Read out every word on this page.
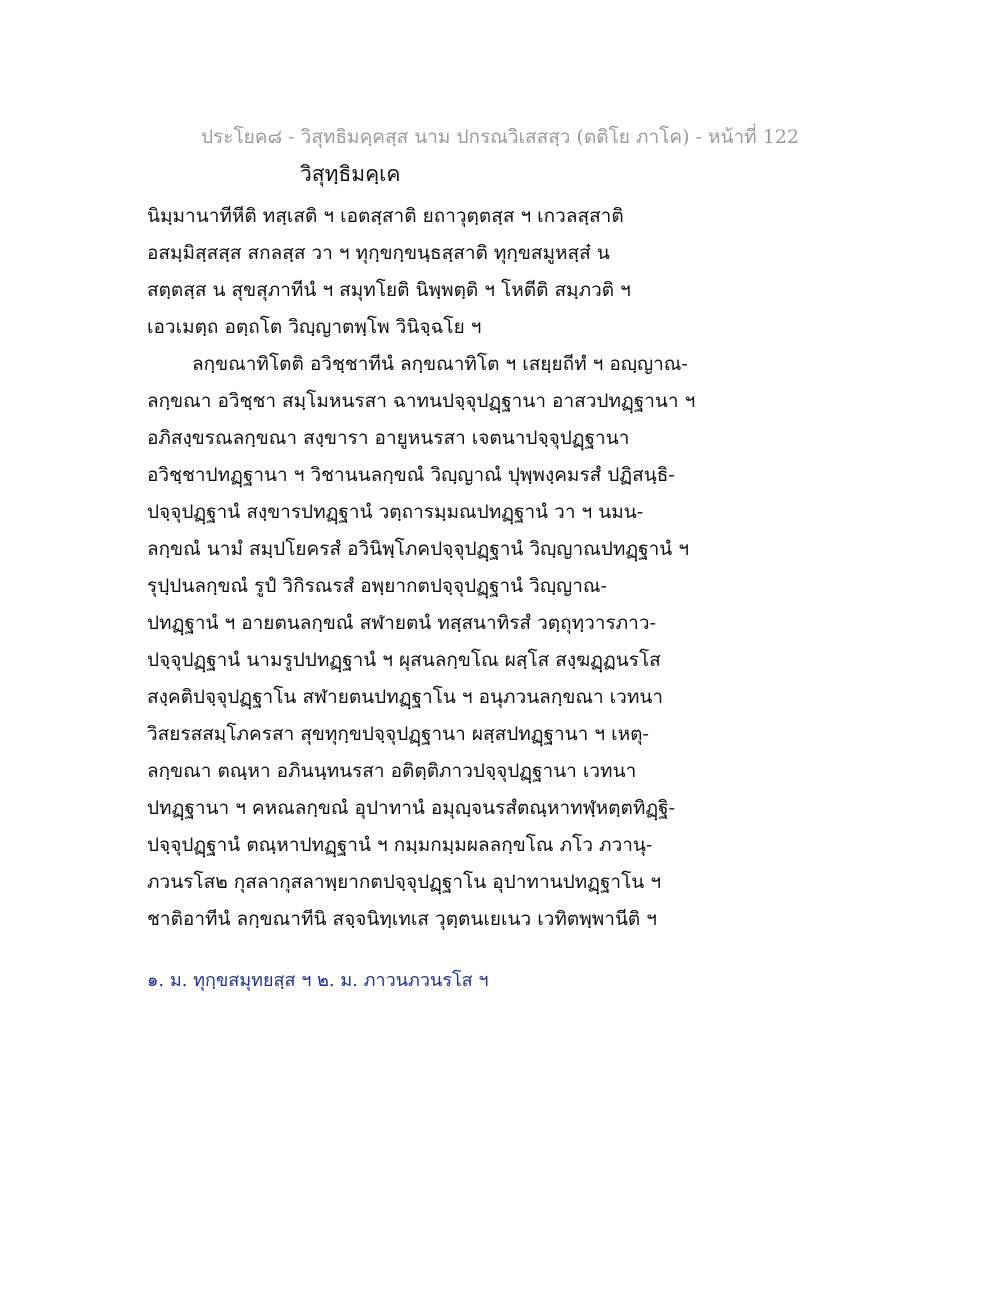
ประโยค๘ - วิสุทธิมคฺคสฺส นาม ปกรณวิเสสสฺว (ตติโย ภาโค) - หน้าที่ 122
วิสุทฺธิมคฺเค
นิมฺมานาทีหีติ ทสฺเสติ ฯ เอตสฺสาติ ยถาวุตฺตสฺส ฯ เกวลสฺสาติ
อสมฺมิสฺสสฺส สกลสฺส วา ฯ ทุกฺขกฺขนฺธสฺสาติ ทุกฺขสมูหสฺส๋ น
สตฺตสฺส น สุขสุภาทีนํ ฯ สมุทโยติ นิพฺพตฺติ ฯ โหตีติ สมฺภวติ ฯ
เอวเมตฺถ อตฺถโต วิญฺญาตพฺโพ วินิจฺฉโย ฯ
ลกฺขณาทิโตติ อวิชฺชาทีนํ ลกฺขณาทิโต ฯ เสยฺยถีทํ ฯ อญฺญาณ-
ลกฺขณา อวิชฺชา สมฺโมหนรสา ฉาทนปจฺจุปฏฺฐานา อาสวปทฏฺฐานา ฯ
อภิสงฺขรณลกฺขณา สงฺขารา อายูหนรสา เจตนาปจฺจุปฏฺฐานา
อวิชฺชาปทฏฺฐานา ฯ วิชานนลกฺขณํ วิญฺญาณํ ปุพฺพงฺคมรสํ ปฏิสนฺธิ-
ปจฺจุปฏฺฐานํ สงฺขารปทฏฺฐานํ วตฺถารมฺมณปทฏฺฐานํ วา ฯ นมน-
ลกฺขณํ นามํ สมฺปโยครสํ อวินิพฺโภคปจฺจุปฏฺฐานํ วิญฺญาณปทฏฺฐานํ ฯ
รุปฺปนลกฺขณํ รูปํ วิกิรณรสํ อพฺยากตปจฺจุปฏฺฐานํ วิญฺญาณ-
ปทฏฺฐานํ ฯ อายตนลกฺขณํ สฬายตนํ ทสฺสนาทิรสํ วตฺถุทฺวารภาว-
ปจฺจุปฏฺฐานํ นามรูปปทฏฺฐานํ ฯ ผุสนลกฺขโณ ผสฺโส สงฺฆฏฺฏนรโส
สงฺคติปจฺจุปฏฺฐาโน สฬายตนปทฏฺฐาโน ฯ อนุภวนลกฺขณา เวทนา
วิสยรสสมฺโภครสา สุขทุกฺขปจฺจุปฏฺฐานา ผสฺสปทฏฺฐานา ฯ เหตุ-
ลกฺขณา ตณฺหา อภินนฺทนรสา อติตฺติภาวปจฺจุปฏฺฐานา เวทนา
ปทฏฺฐานา ฯ คหณลกฺขณํ อุปาทานํ อมุญฺจนรสํตณฺหาทฬฺหตฺตทิฏฺฐิ-
ปจฺจุปฏฺฐานํ ตณฺหาปทฏฺฐานํ ฯ กมฺมกมฺมผลลกฺขโณ ภโว ภวานุ-
ภวนรโส๒ กุสลากุสลาพฺยากตปจฺจุปฏฺฐาโน อุปาทานปทฏฺฐาโน ฯ
ชาติอาทีนํ ลกฺขณาทีนิ สจฺจนิทฺเทเส วุตฺตนเยเนว เวทิตพฺพานีติ ฯ
๑. ม. ทุกฺขสมุทยสฺส ฯ ๒. ม. ภาวนภวนรโส ฯ
